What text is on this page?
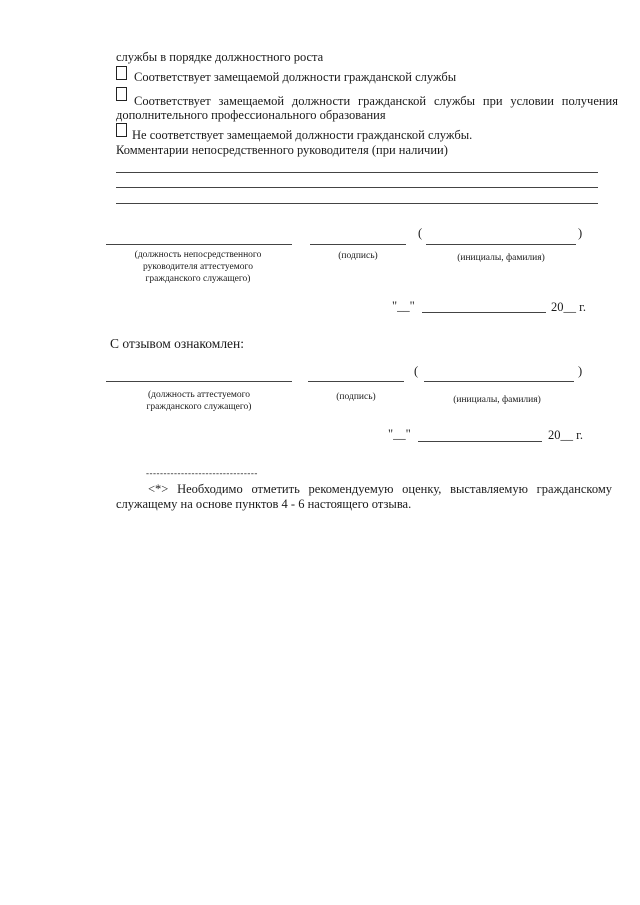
службы в порядке должностного роста
Соответствует замещаемой должности гражданской службы
Соответствует замещаемой должности гражданской службы при условии получения
дополнительного профессионального образования
Не соответствует замещаемой должности гражданской службы.
Комментарии непосредственного руководителя (при наличии)
(	)
(должность непосредственного руководителя аттестуемого гражданского служащего)
(подпись)	(инициалы, фамилия)
"__"	20__ г.
С отзывом ознакомлен:
(	)
(должность аттестуемого гражданского служащего)
(подпись)	(инициалы, фамилия)
"__"	20__ г.
--------------------------------
<*> Необходимо отметить рекомендуемую оценку, выставляемую гражданскому
служащему на основе пунктов 4 - 6 настоящего отзыва.
